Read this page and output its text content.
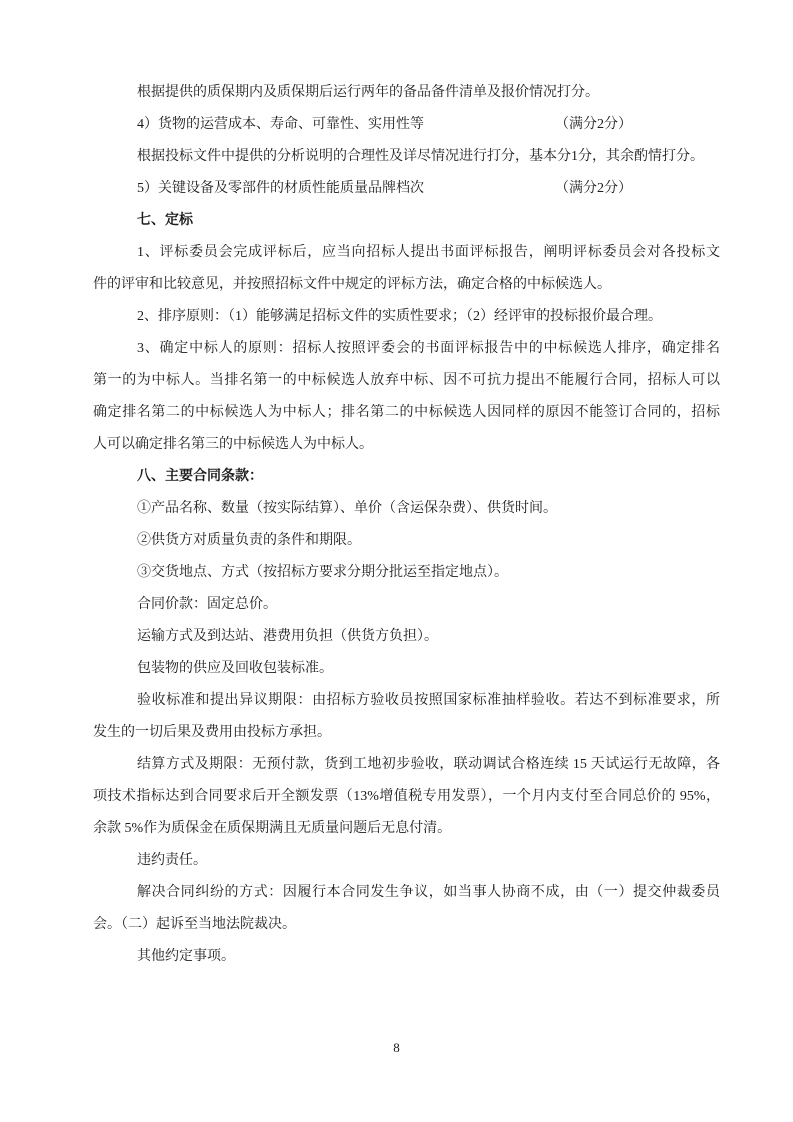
根据提供的质保期内及质保期后运行两年的备品备件清单及报价情况打分。
4）货物的运营成本、寿命、可靠性、实用性等	（满分2分）
根据投标文件中提供的分析说明的合理性及详尽情况进行打分，基本分1分，其余酌情打分。
5）关键设备及零部件的材质性能质量品牌档次	（满分2分）
七、定标
1、评标委员会完成评标后，应当向招标人提出书面评标报告，阐明评标委员会对各投标文
件的评审和比较意见，并按照招标文件中规定的评标方法，确定合格的中标候选人。
2、排序原则：（1）能够满足招标文件的实质性要求；（2）经评审的投标报价最合理。
3、确定中标人的原则：招标人按照评委会的书面评标报告中的中标候选人排序，确定排名
第一的为中标人。当排名第一的中标候选人放弃中标、因不可抗力提出不能履行合同，招标人可以
确定排名第二的中标候选人为中标人；排名第二的中标候选人因同样的原因不能签订合同的，招标
人可以确定排名第三的中标候选人为中标人。
八、主要合同条款：
①产品名称、数量（按实际结算）、单价（含运保杂费）、供货时间。
②供货方对质量负责的条件和期限。
③交货地点、方式（按招标方要求分期分批运至指定地点）。
合同价款：固定总价。
运输方式及到达站、港费用负担（供货方负担）。
包装物的供应及回收包装标准。
验收标准和提出异议期限：由招标方验收员按照国家标准抽样验收。若达不到标准要求，所
发生的一切后果及费用由投标方承担。
结算方式及期限：无预付款，货到工地初步验收，联动调试合格连续 15 天试运行无故障，各
项技术指标达到合同要求后开全额发票（13%增值税专用发票），一个月内支付至合同总价的 95%，
余款 5%作为质保金在质保期满且无质量问题后无息付清。
违约责任。
解决合同纠纷的方式：因履行本合同发生争议，如当事人协商不成，由（一）提交仲裁委员
会。（二）起诉至当地法院裁决。
其他约定事项。
8
